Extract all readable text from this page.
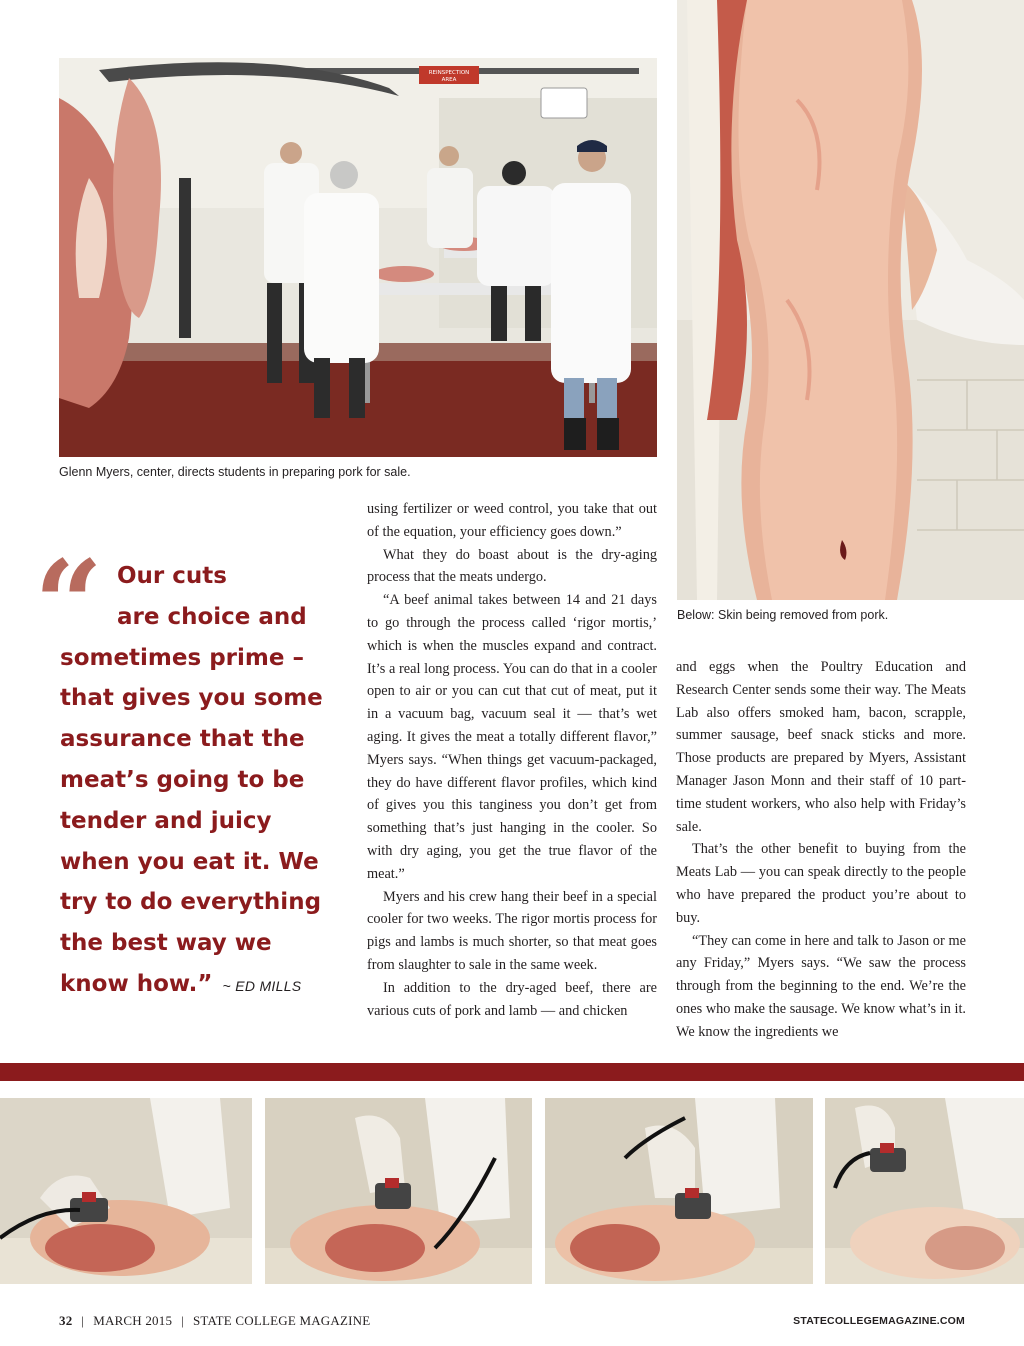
REINSPECTION
AREA
Glenn Myers, center, directs students in preparing pork for sale.
Below: Skin being removed from pork.
“ Our cuts
are choice and
sometimes prime –
that gives you some
assurance that the
meat’s going to be
tender and juicy
when you eat it. We
try to do everything
the best way we
know how.” ~ ED MILLS

using fertilizer or weed control, you take that out of the equation, your efficiency goes down.”

What they do boast about is the dry-aging process that the meats undergo.

“A beef animal takes between 14 and 21 days to go through the process called ‘rigor mortis,’ which is when the muscles expand and contract. It’s a real long process. You can do that in a cooler open to air or you can cut that cut of meat, put it in a vacuum bag, vacuum seal it — that’s wet aging. It gives the meat a totally different flavor,” Myers says. “When things get vacuum-packaged, they do have different flavor profiles, which kind of gives you this tanginess you don’t get from something that’s just hanging in the cooler. So with dry aging, you get the true flavor of the meat.”

Myers and his crew hang their beef in a special cooler for two weeks. The rigor mortis process for pigs and lambs is much shorter, so that meat goes from slaughter to sale in the same week.

In addition to the dry-aged beef, there are various cuts of pork and lamb — and chicken

and eggs when the Poultry Education and Research Center sends some their way. The Meats Lab also offers smoked ham, bacon, scrapple, summer sausage, beef snack sticks and more. Those products are prepared by Myers, Assistant Manager Jason Monn and their staff of 10 part-time student workers, who also help with Friday’s sale.

That’s the other benefit to buying from the Meats Lab — you can speak directly to the people who have prepared the product you’re about to buy.

“They can come in here and talk to Jason or me any Friday,” Myers says. “We saw the process through from the beginning to the end. We’re the ones who make the sausage. We know what’s in it. We know the ingredients we

32 | MARCH 2015 | STATE COLLEGE MAGAZINE	STATECOLLEGEMAGAZINE.COM
